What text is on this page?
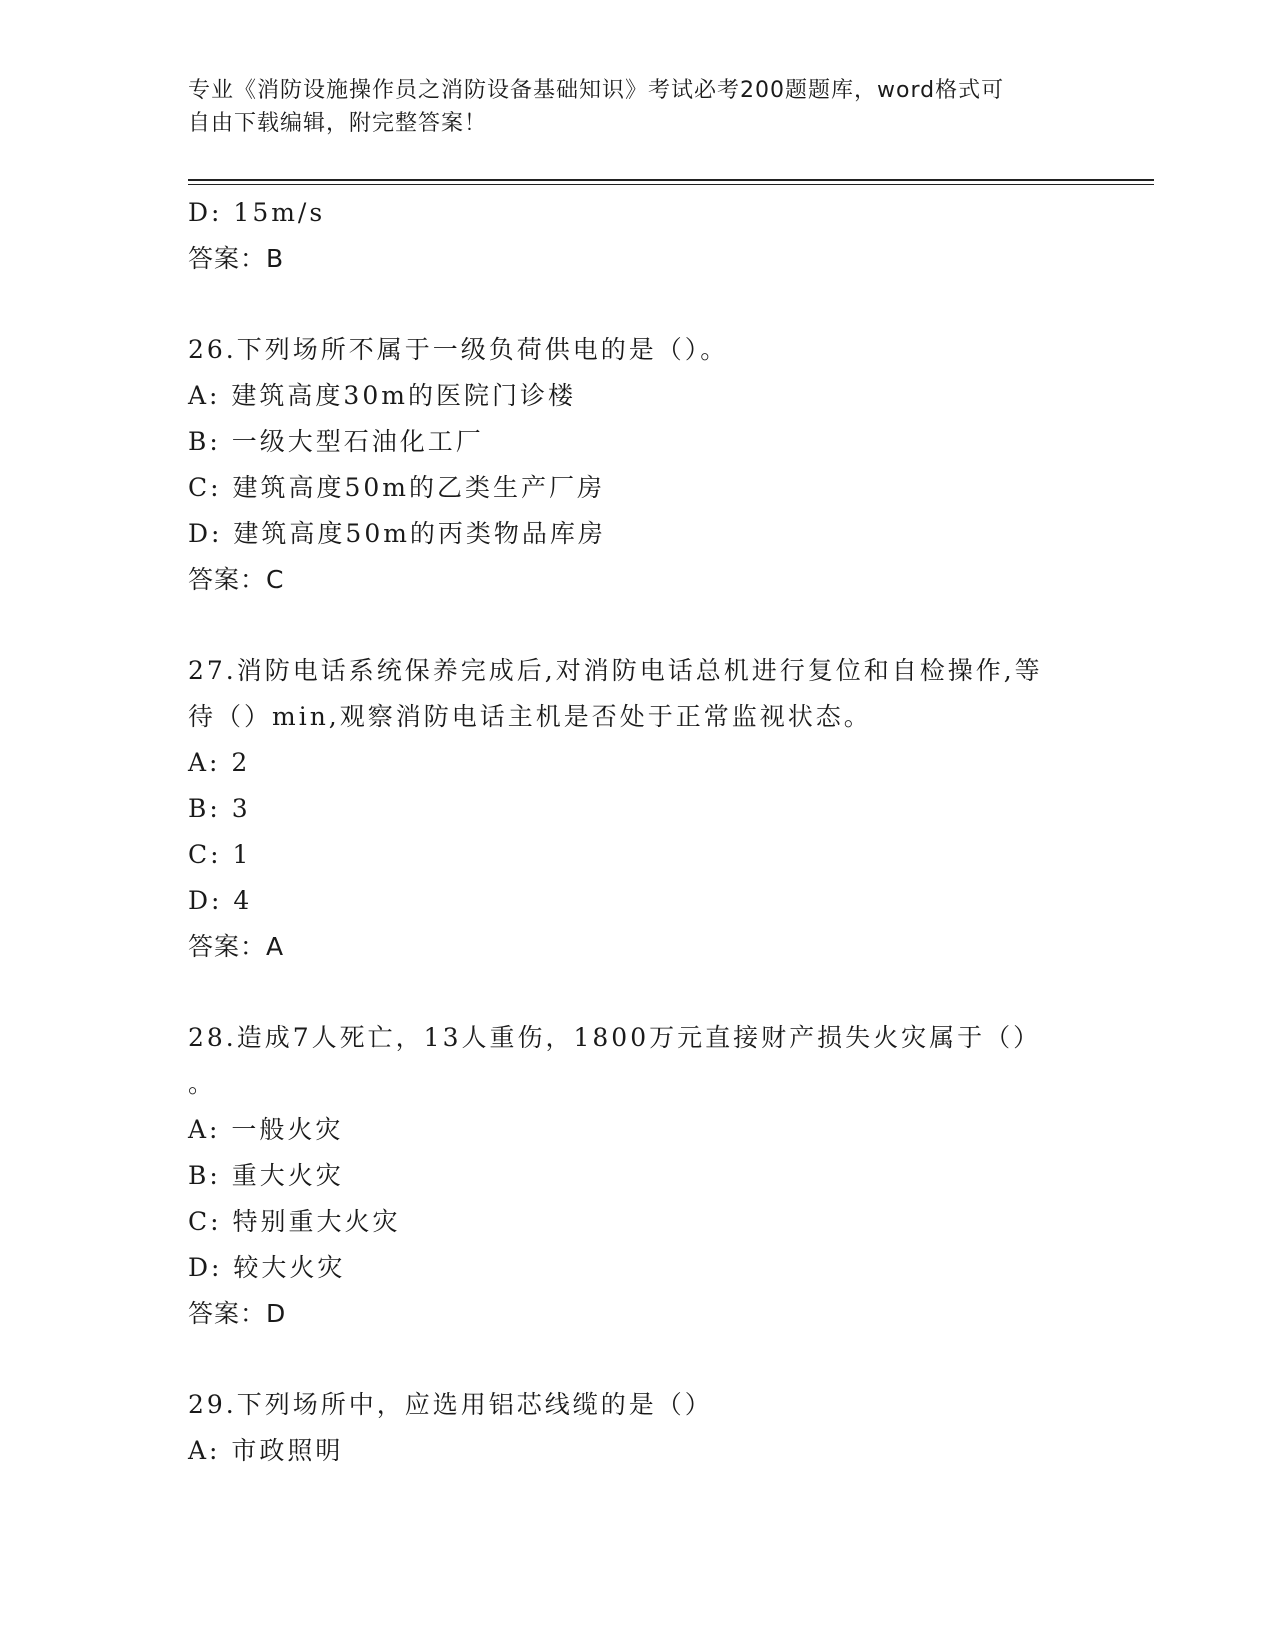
专业《消防设施操作员之消防设备基础知识》考试必考200题题库，word格式可
自由下载编辑，附完整答案！
D: 15m/s
答案：B
26.下列场所不属于一级负荷供电的是（）。
A: 建筑高度30m的医院门诊楼
B: 一级大型石油化工厂
C: 建筑高度50m的乙类生产厂房
D: 建筑高度50m的丙类物品库房
答案：C
27.消防电话系统保养完成后,对消防电话总机进行复位和自检操作,等
待（）min,观察消防电话主机是否处于正常监视状态。
A: 2
B: 3
C: 1
D: 4
答案：A
28.造成7人死亡，13人重伤，1800万元直接财产损失火灾属于（）
。
A: 一般火灾
B: 重大火灾
C: 特别重大火灾
D: 较大火灾
答案：D
29.下列场所中，应选用铝芯线缆的是（）
A: 市政照明
